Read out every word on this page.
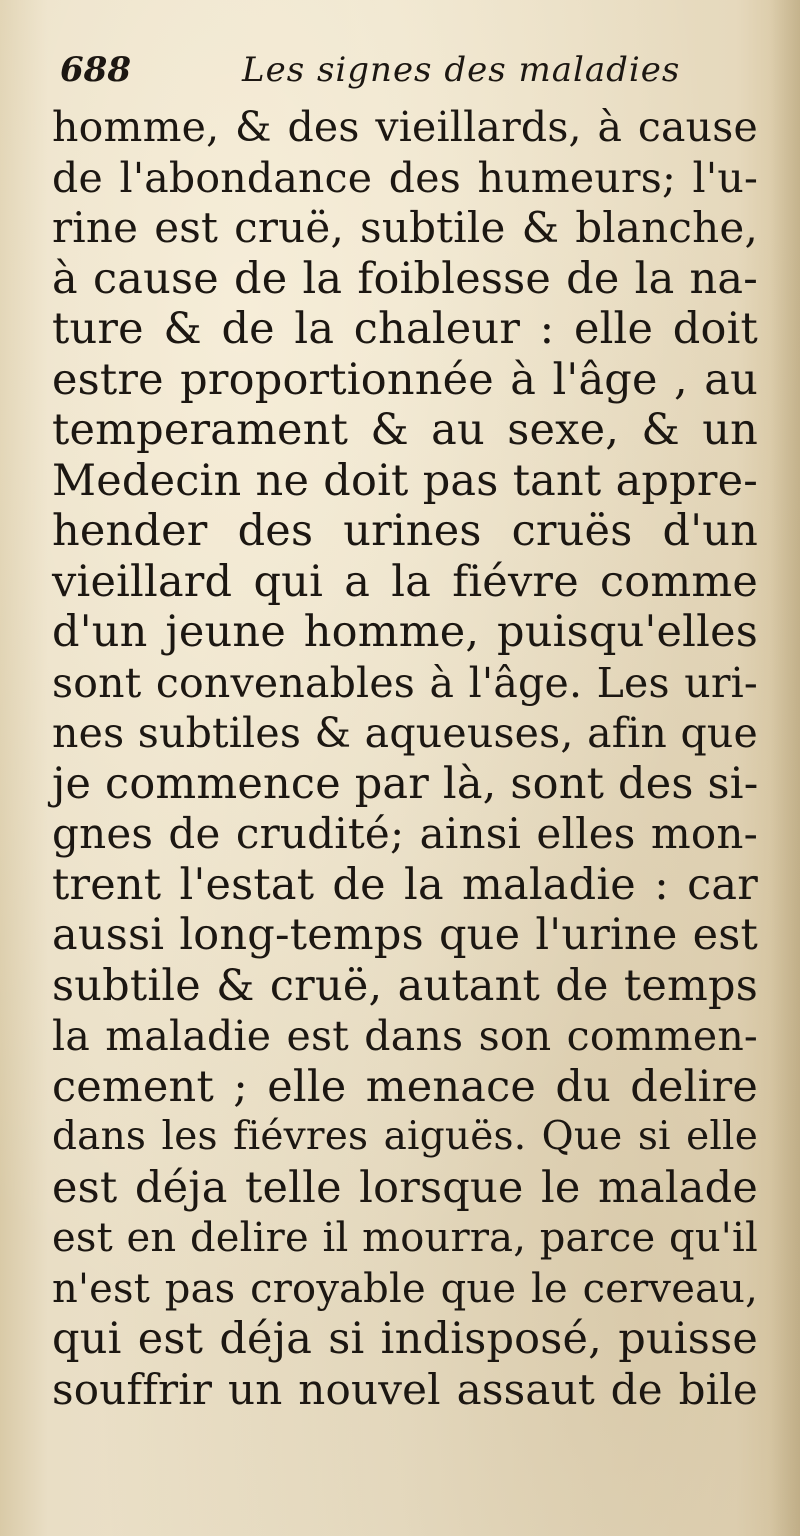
688	Les signes des maladies
homme, & des vieillards, à cause
de l'abondance des humeurs; l'u-
rine est cruë, subtile & blanche,
à cause de la foiblesse de la na-
ture & de la chaleur : elle doit
estre proportionnée à l'âge , au
temperament & au sexe, & un
Medecin ne doit pas tant appre-
hender des urines cruës d'un
vieillard qui a la fiévre comme
d'un jeune homme, puisqu'elles
sont convenables à l'âge. Les uri-
nes subtiles & aqueuses, afin que
je commence par là, sont des si-
gnes de crudité; ainsi elles mon-
trent l'estat de la maladie : car
aussi long-temps que l'urine est
subtile & cruë, autant de temps
la maladie est dans son commen-
cement ; elle menace du delire
dans les fiévres aiguës. Que si elle
est déja telle lorsque le malade
est en delire il mourra, parce qu'il
n'est pas croyable que le cerveau,
qui est déja si indisposé, puisse
souffrir un nouvel assaut de bile
